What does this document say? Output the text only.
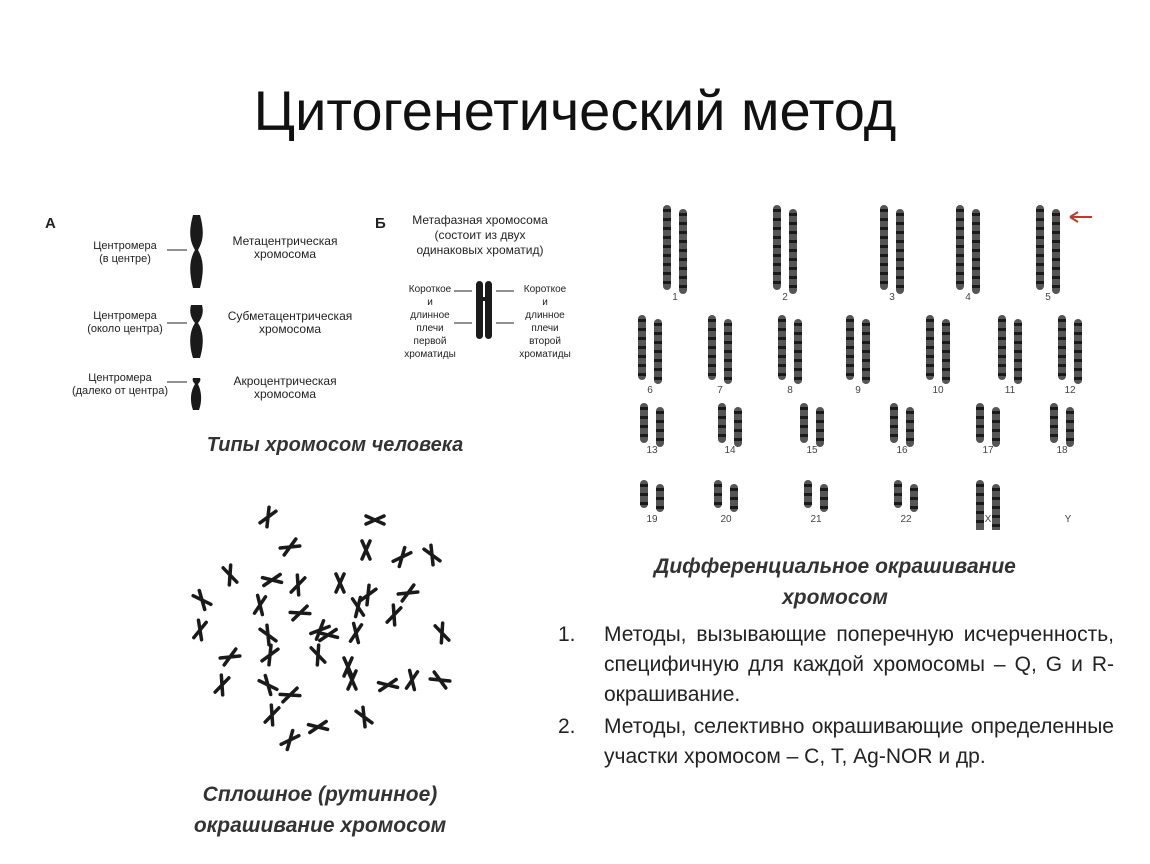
Цитогенетический метод
А
Центромера
(в центре)
Метацентрическая
хромосома
Центромера
(около центра)
Субметацентрическая
хромосома
Центромера
(далеко от центра)
Акроцентрическая
хромосома
Б	Метафазная хромосома
(состоит из двух
одинаковых хроматид)
Короткое
и
длинное
плечи
первой
хроматиды
Короткое
и
длинное
плечи
второй
хроматиды
Типы хромосом человека
1	2	3	4	5
6	7	8	9	10	11	12
13	14	15	16	17	18
19	20	21	22	X	Y
Дифференциальное окрашивание
хромосом
1.	Методы, вызывающие поперечную исчерченность, специфичную для каждой хромосомы – Q, G и R-окрашивание.
2.	Методы, селективно окрашивающие определенные участки хромосом – С, Т, Ag-NOR и др.
Сплошное (рутинное)
окрашивание хромосом
